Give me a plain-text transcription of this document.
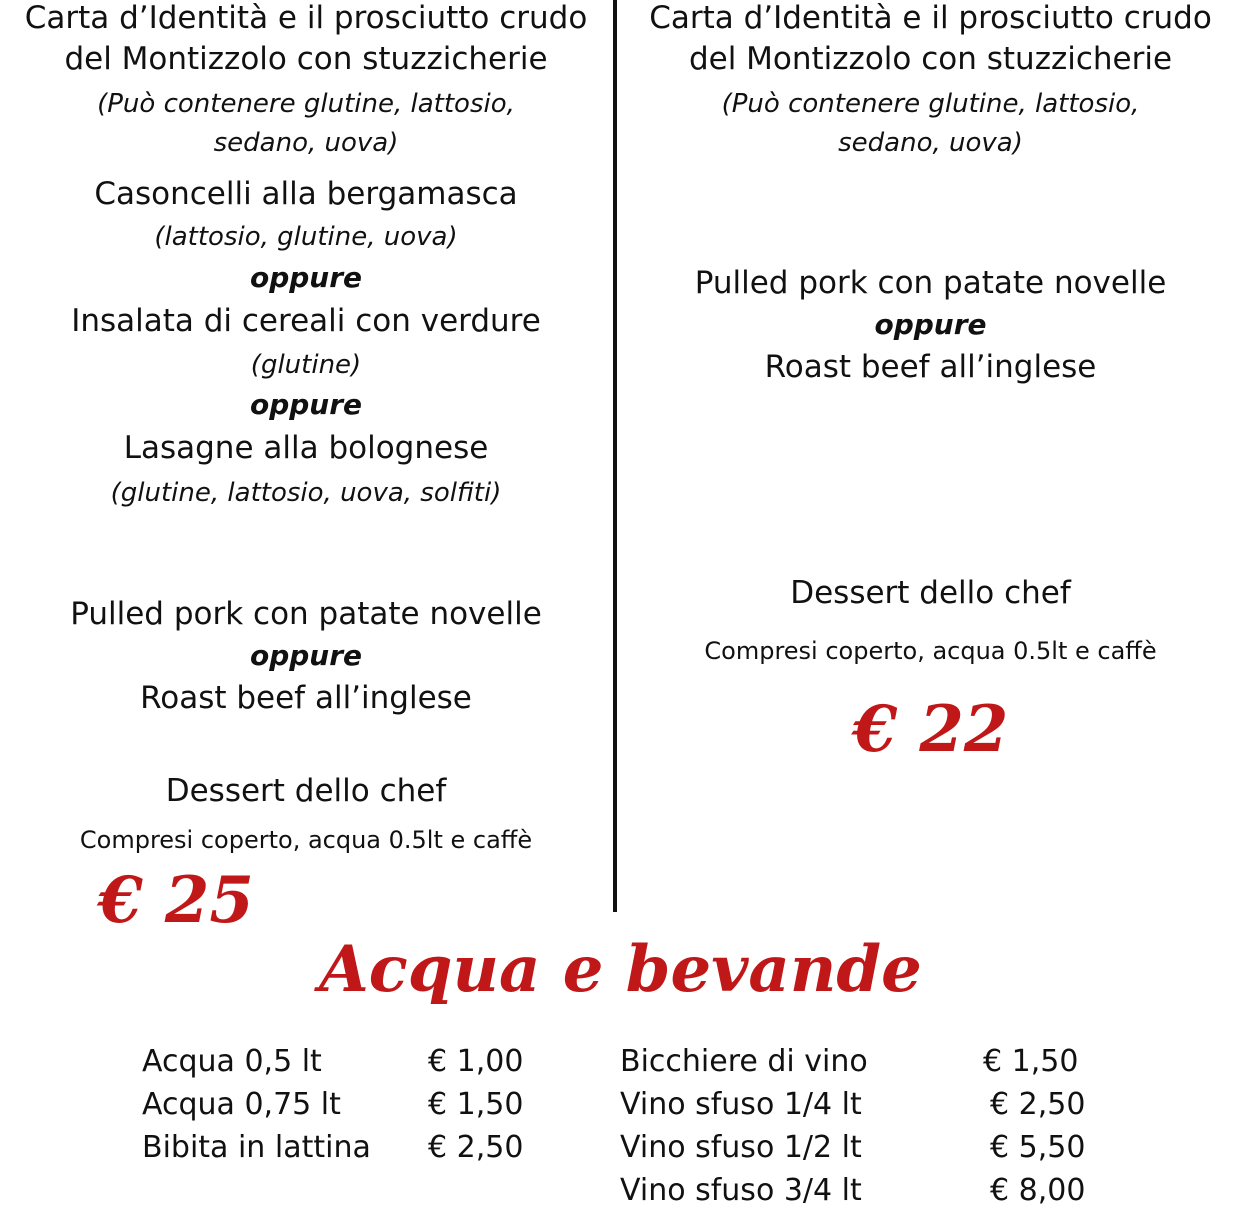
Carta d’Identità e il prosciutto crudo
del Montizzolo con stuzzicherie
(Può contenere glutine, lattosio,
sedano, uova)
Casoncelli alla bergamasca
(lattosio, glutine, uova)
oppure
Insalata di cereali con verdure
(glutine)
oppure
Lasagne alla bolognese
(glutine, lattosio, uova, solfiti)
Pulled pork con patate novelle
oppure
Roast beef all’inglese
Dessert dello chef
Compresi coperto, acqua 0.5lt e caffè
€ 25
Carta d’Identità e il prosciutto crudo
del Montizzolo con stuzzicherie
(Può contenere glutine, lattosio,
sedano, uova)
Pulled pork con patate novelle
oppure
Roast beef all’inglese
Dessert dello chef
Compresi coperto, acqua 0.5lt e caffè
€ 22
Acqua e bevande
Acqua 0,5 lt	€ 1,00
Acqua 0,75 lt	€ 1,50
Bibita in lattina € 2,50
Bicchiere di vino	€ 1,50
Vino sfuso 1/4 lt	€ 2,50
Vino sfuso 1/2 lt	€ 5,50
Vino sfuso 3/4 lt	€ 8,00
